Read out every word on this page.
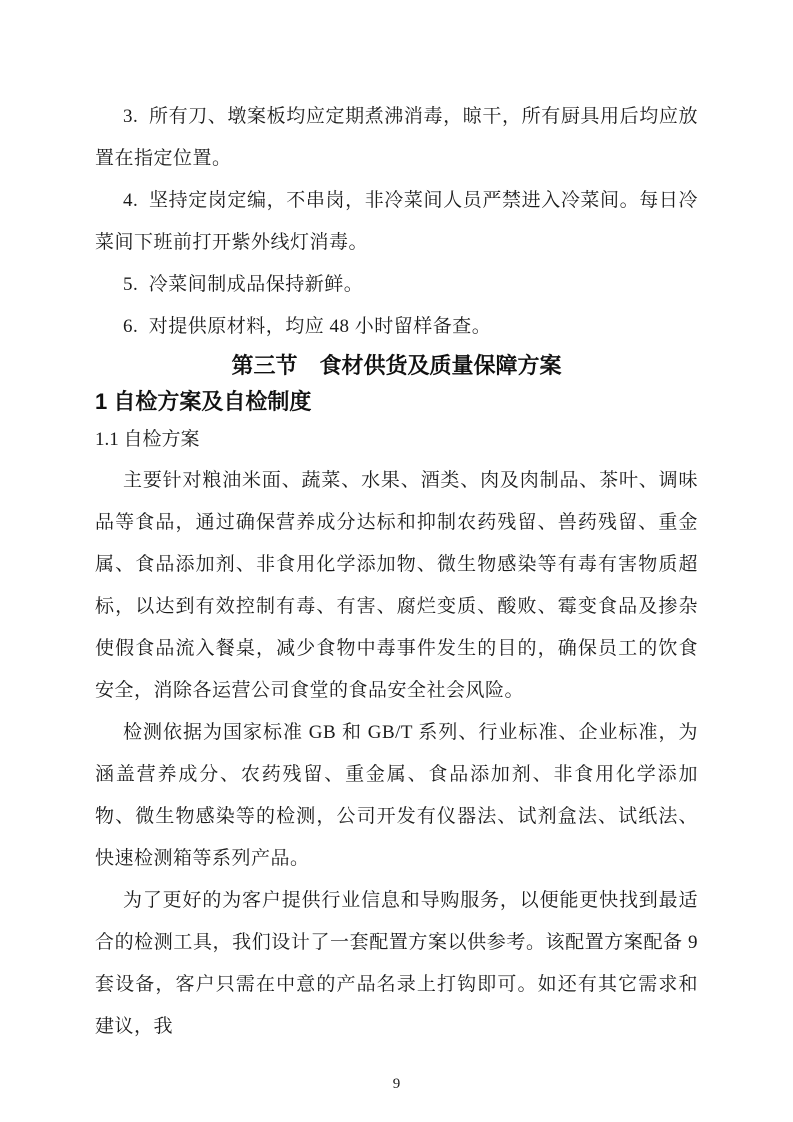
3.  所有刀、墩案板均应定期煮沸消毒，晾干，所有厨具用后均应放置在指定位置。

4.  坚持定岗定编，不串岗，非冷菜间人员严禁进入冷菜间。每日冷菜间下班前打开紫外线灯消毒。

5.  冷菜间制成品保持新鲜。

6.  对提供原材料，均应 48 小时留样备查。

第三节　食材供货及质量保障方案
1 自检方案及自检制度
1.1 自检方案

主要针对粮油米面、蔬菜、水果、酒类、肉及肉制品、茶叶、调味品等食品，通过确保营养成分达标和抑制农药残留、兽药残留、重金属、食品添加剂、非食用化学添加物、微生物感染等有毒有害物质超标，以达到有效控制有毒、有害、腐烂变质、酸败、霉变食品及掺杂使假食品流入餐桌，减少食物中毒事件发生的目的，确保员工的饮食安全，消除各运营公司食堂的食品安全社会风险。

检测依据为国家标准 GB 和 GB/T 系列、行业标准、企业标准，为涵盖营养成分、农药残留、重金属、食品添加剂、非食用化学添加物、微生物感染等的检测，公司开发有仪器法、试剂盒法、试纸法、快速检测箱等系列产品。

为了更好的为客户提供行业信息和导购服务，以便能更快找到最适合的检测工具，我们设计了一套配置方案以供参考。该配置方案配备 9 套设备，客户只需在中意的产品名录上打钩即可。如还有其它需求和建议，我

9
